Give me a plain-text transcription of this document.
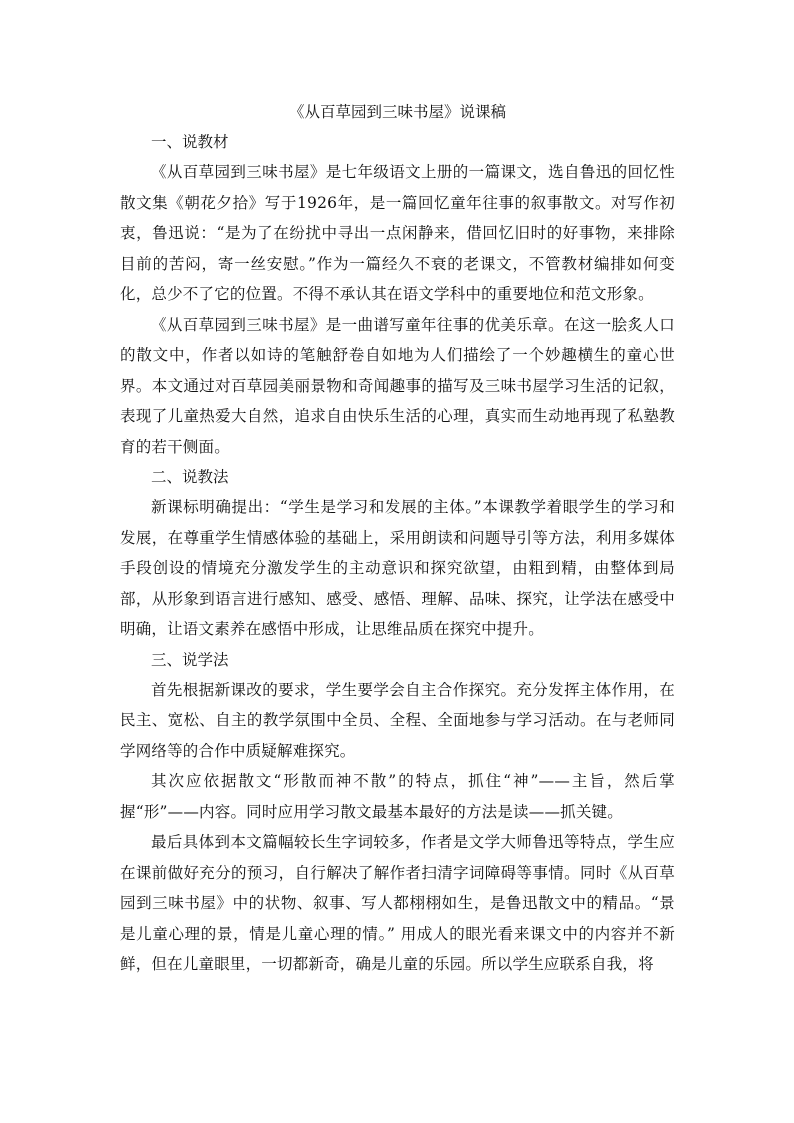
《从百草园到三味书屋》说课稿

一、说教材

《从百草园到三味书屋》是七年级语文上册的一篇课文，选自鲁迅的回忆性散文集《朝花夕拾》写于1926年，是一篇回忆童年往事的叙事散文。对写作初衷，鲁迅说：“是为了在纷扰中寻出一点闲静来，借回忆旧时的好事物，来排除目前的苦闷，寄一丝安慰。”作为一篇经久不衰的老课文，不管教材编排如何变化，总少不了它的位置。不得不承认其在语文学科中的重要地位和范文形象。

《从百草园到三味书屋》是一曲谱写童年往事的优美乐章。在这一脍炙人口的散文中，作者以如诗的笔触舒卷自如地为人们描绘了一个妙趣横生的童心世界。本文通过对百草园美丽景物和奇闻趣事的描写及三味书屋学习生活的记叙，表现了儿童热爱大自然，追求自由快乐生活的心理，真实而生动地再现了私塾教育的若干侧面。

二、说教法

新课标明确提出：“学生是学习和发展的主体。”本课教学着眼学生的学习和发展，在尊重学生情感体验的基础上，采用朗读和问题导引等方法，利用多媒体手段创设的情境充分激发学生的主动意识和探究欲望，由粗到精，由整体到局部，从形象到语言进行感知、感受、感悟、理解、品味、探究，让学法在感受中明确，让语文素养在感悟中形成，让思维品质在探究中提升。

三、说学法

首先根据新课改的要求，学生要学会自主合作探究。充分发挥主体作用，在民主、宽松、自主的教学氛围中全员、全程、全面地参与学习活动。在与老师同学网络等的合作中质疑解难探究。

其次应依据散文“形散而神不散”的特点，抓住“神”——主旨，然后掌握“形”——内容。同时应用学习散文最基本最好的方法是读——抓关键。

最后具体到本文篇幅较长生字词较多，作者是文学大师鲁迅等特点，学生应在课前做好充分的预习，自行解决了解作者扫清字词障碍等事情。同时《从百草园到三味书屋》中的状物、叙事、写人都栩栩如生，是鲁迅散文中的精品。“景是儿童心理的景，情是儿童心理的情。” 用成人的眼光看来课文中的内容并不新鲜，但在儿童眼里，一切都新奇，确是儿童的乐园。所以学生应联系自我，将
